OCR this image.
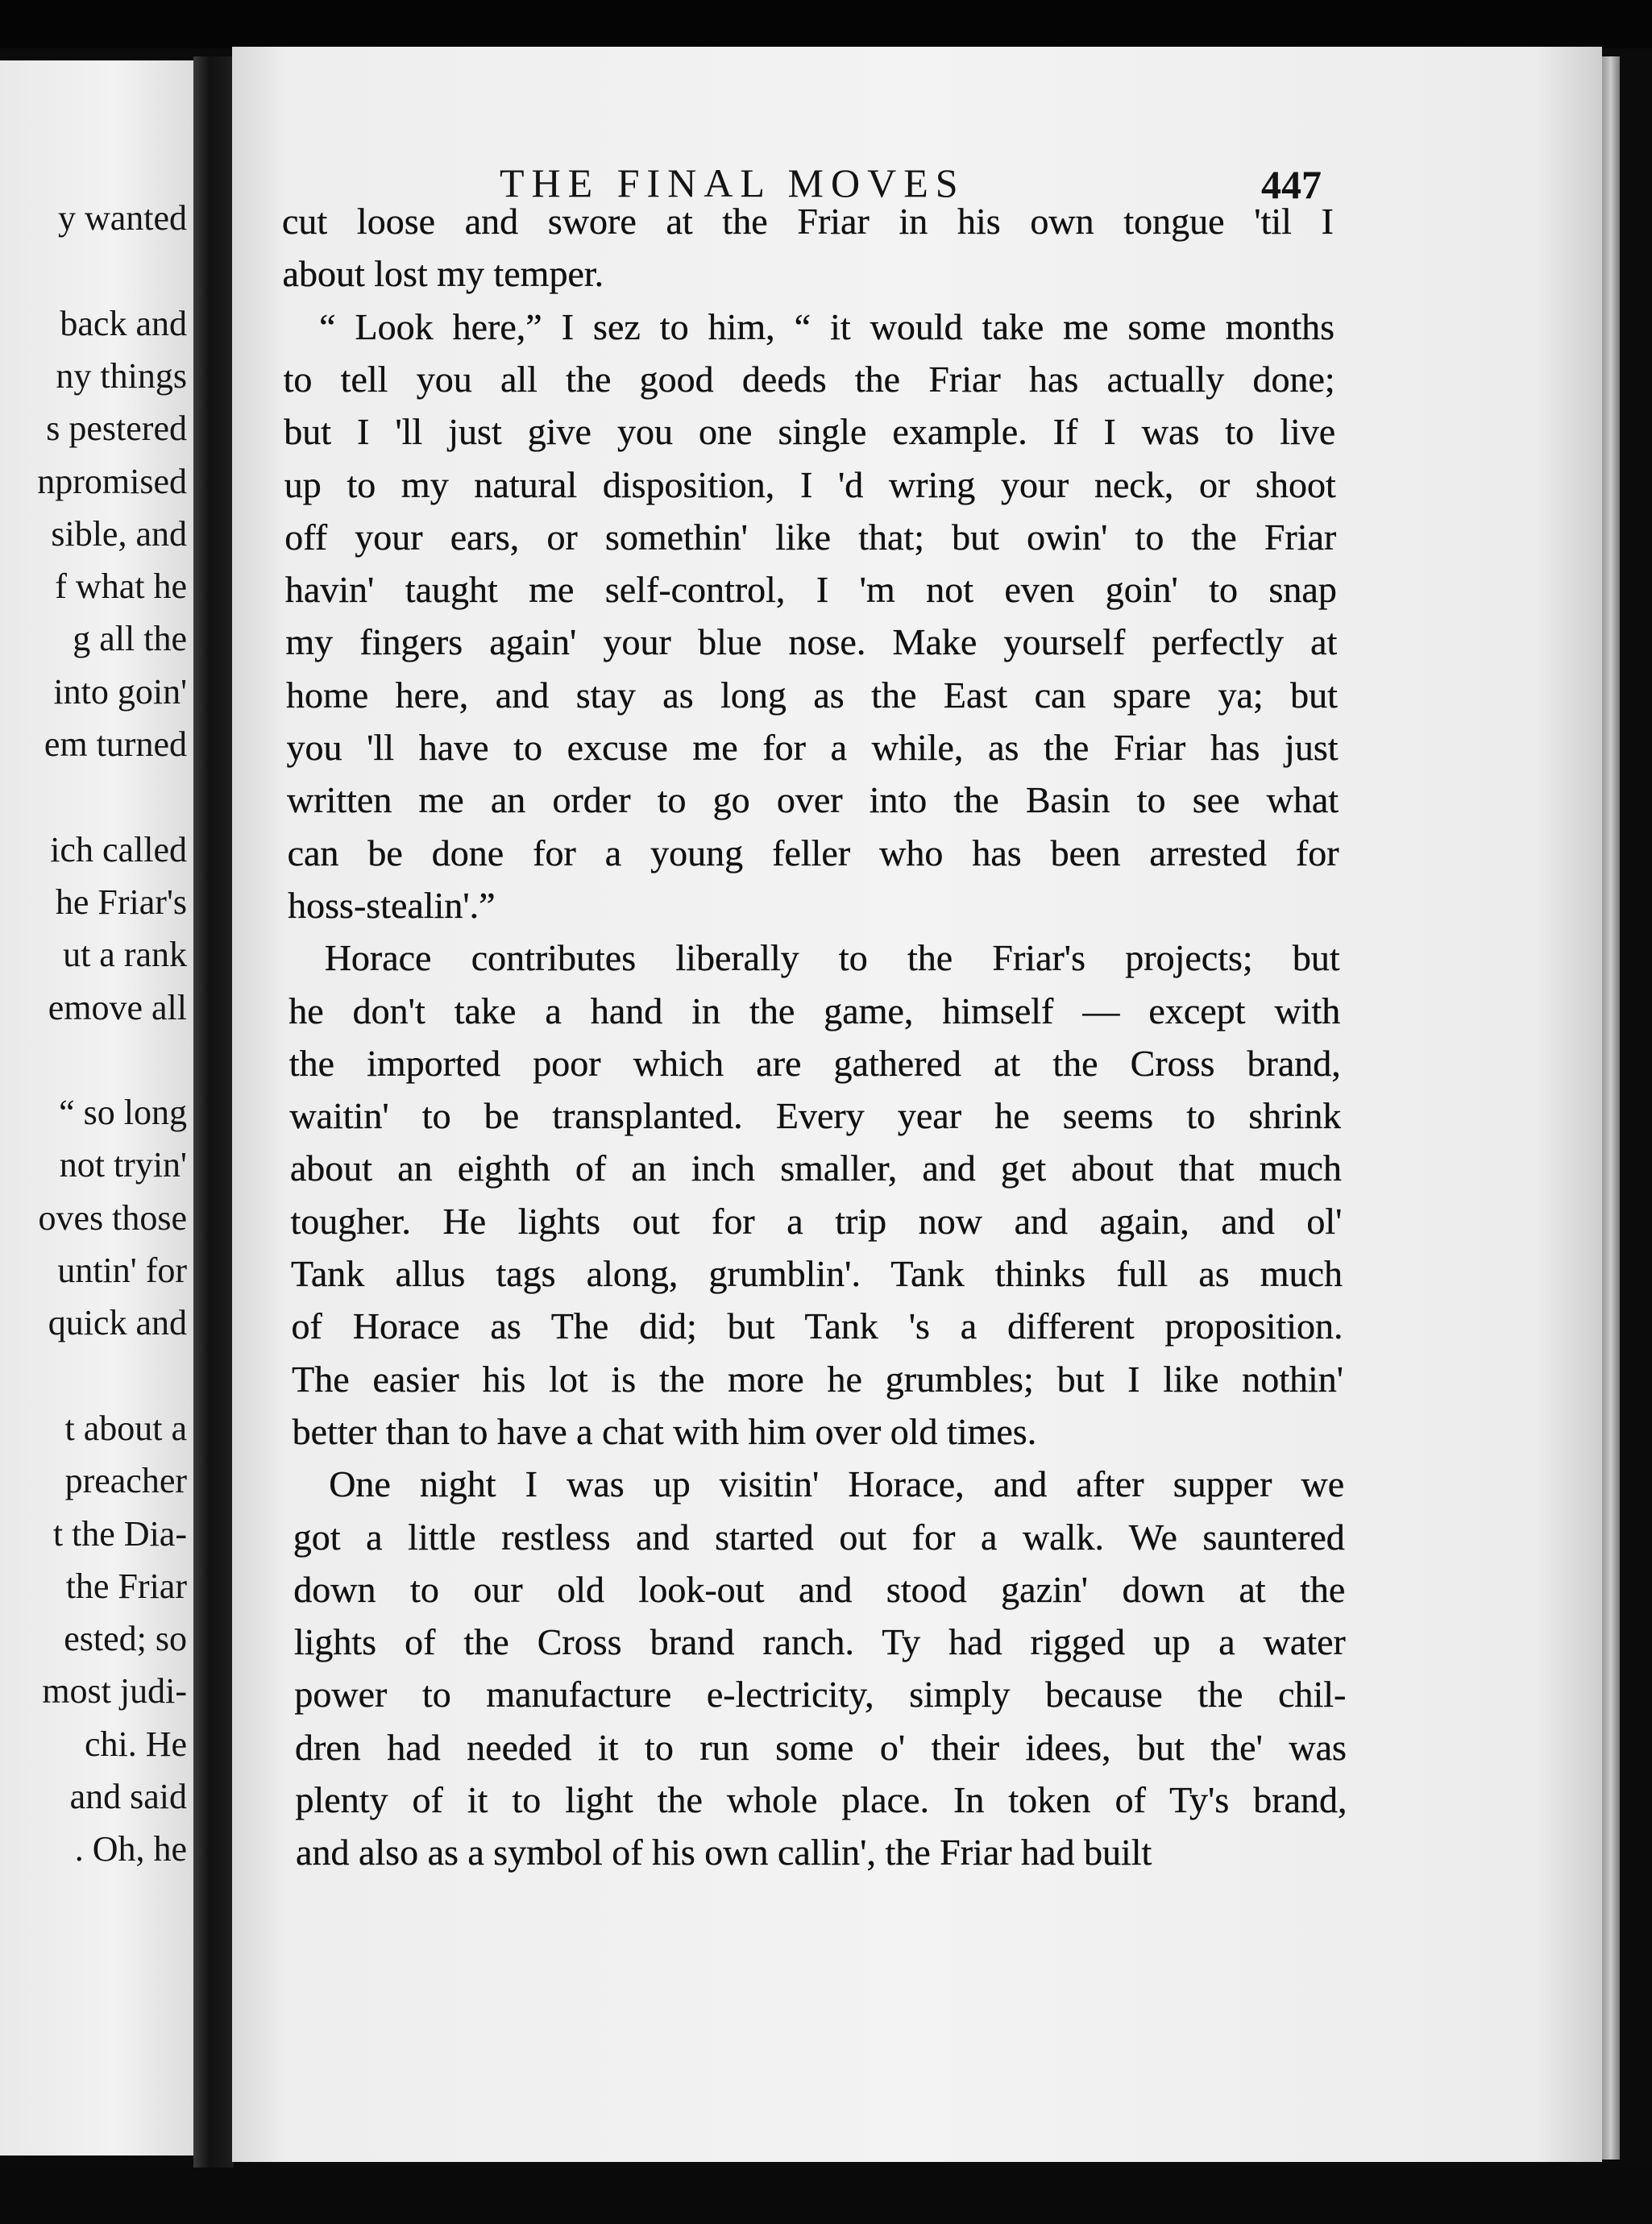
y wanted
back and
ny things
s pestered
npromised
sible, and
f what he
g all the
into goin'
em turned
ich called
he Friar's
ut a rank
emove all
“ so long
not tryin'
oves those
untin' for
quick and
t about a
preacher
t the Dia-
the Friar
ested; so
most judi-
chi. He
and said
. Oh, he
THE FINAL MOVES	447
cut loose and swore at the Friar in his own tongue 'til I
about lost my temper.
“ Look here,” I sez to him, “ it would take me some months
to tell you all the good deeds the Friar has actually done;
but I 'll just give you one single example. If I was to live
up to my natural disposition, I 'd wring your neck, or shoot
off your ears, or somethin' like that; but owin' to the Friar
havin' taught me self-control, I 'm not even goin' to snap
my fingers again' your blue nose. Make yourself perfectly at
home here, and stay as long as the East can spare ya; but
you 'll have to excuse me for a while, as the Friar has just
written me an order to go over into the Basin to see what
can be done for a young feller who has been arrested for
hoss-stealin'.”
Horace contributes liberally to the Friar's projects; but
he don't take a hand in the game, himself — except with
the imported poor which are gathered at the Cross brand,
waitin' to be transplanted. Every year he seems to shrink
about an eighth of an inch smaller, and get about that much
tougher. He lights out for a trip now and again, and ol'
Tank allus tags along, grumblin'. Tank thinks full as much
of Horace as The did; but Tank 's a different proposition.
The easier his lot is the more he grumbles; but I like nothin'
better than to have a chat with him over old times.
One night I was up visitin' Horace, and after supper we
got a little restless and started out for a walk. We sauntered
down to our old look-out and stood gazin' down at the
lights of the Cross brand ranch. Ty had rigged up a water
power to manufacture e-lectricity, simply because the chil-
dren had needed it to run some o' their idees, but the' was
plenty of it to light the whole place. In token of Ty's brand,
and also as a symbol of his own callin', the Friar had built
